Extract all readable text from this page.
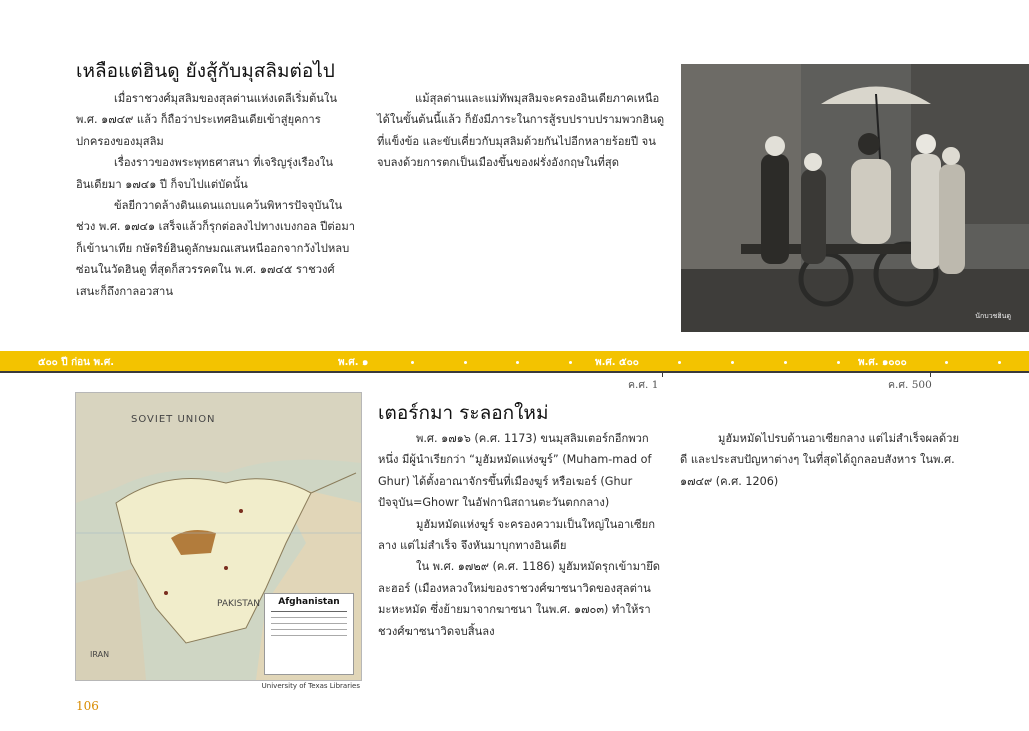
เหลือแต่ฮินดู ยังสู้กับมุสลิมต่อไป

เมื่อราชวงศ์มุสลิมของสุลต่านแห่งเดลีเริ่มต้นใน พ.ศ. ๑๗๔๙ แล้ว ก็ถือว่าประเทศอินเดียเข้าสู่ยุคการปกครองของมุสลิม

เรื่องราวของพระพุทธศาสนา ที่เจริญรุ่งเรืองในอินเดียมา ๑๗๔๑ ปี ก็จบไปแต่บัดนั้น

ข้ลยีกวาดล้างดินแดนแถบแคว้นพิหารปัจจุบันในช่วง พ.ศ. ๑๗๔๑ เสร็จแล้วก็รุกต่อลงไปทางเบงกอล ปีต่อมาก็เข้านาเทีย กษัตริย์ฮินดูลักษมณเสนหนีออกจากวังไปหลบซ่อนในวัดฮินดู ที่สุดก็สวรรคตใน พ.ศ. ๑๗๔๕ ราชวงศ์เสนะก็ถึงกาลอวสาน

แม้สุลต่านและแม่ทัพมุสลิมจะครองอินเดียภาคเหนือได้ในขั้นต้นนี้แล้ว ก็ยังมีภาระในการสู้รบปราบปรามพวกฮินดูที่แข็งข้อ และขับเคี่ยวกับมุสลิมด้วยกันไปอีกหลายร้อยปี จนจบลงด้วยการตกเป็นเมืองขึ้นของฝรั่งอังกฤษในที่สุด

นักบวชฮินดู
๕๐๐ ปี ก่อน พ.ศ.	พ.ศ. ๑	พ.ศ. ๕๐๐	พ.ศ. ๑๐๐๐
ค.ศ. 1	ค.ศ. 500
SOVIET UNION
PAKISTAN
IRAN
Afghanistan
University of Texas Libraries
เตอร์กมา ระลอกใหม่

พ.ศ. ๑๗๑๖ (ค.ศ. 1173) ขนมุสลิมเตอร์กอีกพวกหนึ่ง มีผู้นำเรียกว่า “มูฮัมหมัดแห่งฆูร์” (Muham-mad of Ghur) ได้ตั้งอาณาจักรขึ้นที่เมืองฆูร์ หรือเฆอร์ (Ghur ปัจจุบัน=Ghowr ในอัฟกานิสถานตะวันตกกลาง)

มูฮัมหมัดแห่งฆูร์ จะครองความเป็นใหญ่ในอาเซียกลาง แต่ไม่สำเร็จ จึงหันมาบุกทางอินเดีย

ใน พ.ศ. ๑๗๒๙ (ค.ศ. 1186) มูฮัมหมัดรุกเข้ามายึดละฮอร์ (เมืองหลวงใหม่ของราชวงศ์ฆาซนาวิดของสุลต่านมะหะหมัด ซึ่งย้ายมาจากฆาซนา ในพ.ศ. ๑๗๐๓) ทำให้ราชวงศ์ฆาซนาวิดจบสิ้นลง

มูฮัมหมัดไปรบด้านอาเซียกลาง แต่ไม่สำเร็จผลด้วยดี และประสบปัญหาต่างๆ ในที่สุดได้ถูกลอบสังหาร ในพ.ศ. ๑๗๔๙ (ค.ศ. 1206)

106
